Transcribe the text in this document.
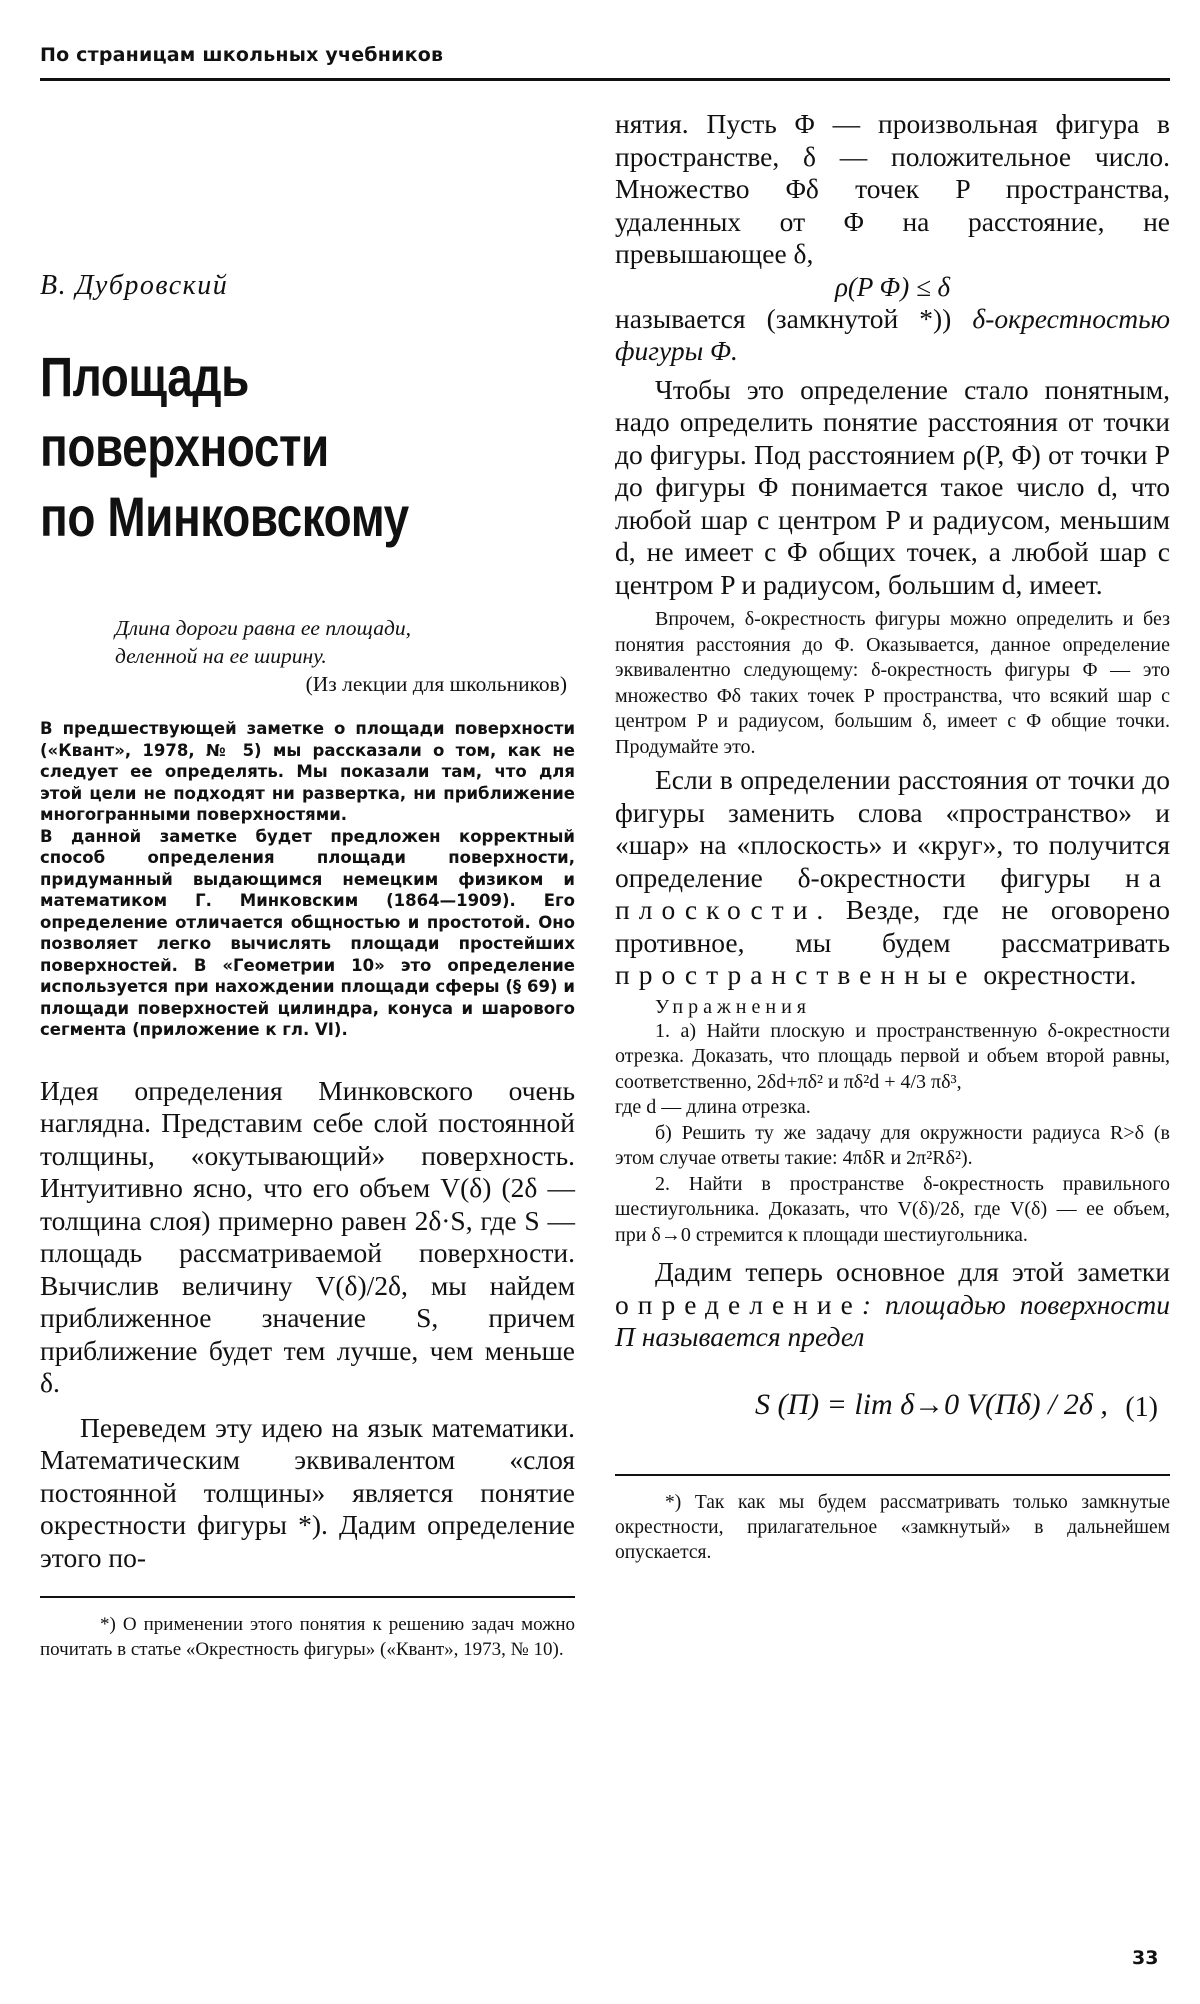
По страницам школьных учебников
В. Дубровский
Площадь
поверхности
по Минковскому
Длина дороги равна ее площади,
деленной на ее ширину.
(Из лекции для школьников)

В предшествующей заметке о площади поверхности («Квант», 1978, № 5) мы рассказали о том, как не следует ее определять. Мы показали там, что для этой цели не подходят ни развертка, ни приближение многогранными поверхностями.

В данной заметке будет предложен корректный способ определения площади поверхности, придуманный выдающимся немецким физиком и математиком Г. Минковским (1864—1909). Его определение отличается общностью и простотой. Оно позволяет легко вычислять площади простейших поверхностей. В «Геометрии 10» это определение используется при нахождении площади сферы (§ 69) и площади поверхностей цилиндра, конуса и шарового сегмента (приложение к гл. VI).

Идея определения Минковского очень наглядна. Представим себе слой постоянной толщины, «окутывающий» поверхность. Интуитивно ясно, что его объем V(δ) (2δ — толщина слоя) примерно равен 2δ·S, где S — площадь рассматриваемой поверхности. Вычислив величину V(δ)/2δ, мы найдем приближенное значение S, причем приближение будет тем лучше, чем меньше δ.

Переведем эту идею на язык математики. Математическим эквивалентом «слоя постоянной толщины» является понятие окрестности фигуры *). Дадим определение этого по-

*) О применении этого понятия к решению задач можно почитать в статье «Окрестность фигуры» («Квант», 1973, № 10).

нятия. Пусть Φ — произвольная фигура в пространстве, δ — положительное число. Множество Φδ точек P пространства, удаленных от Φ на расстояние, не превышающее δ,

ρ(P Φ) ≤ δ

называется (замкнутой *)) δ-окрестностью фигуры Φ.

Чтобы это определение стало понятным, надо определить понятие расстояния от точки до фигуры. Под расстоянием ρ(P, Φ) от точки P до фигуры Φ понимается такое число d, что любой шар с центром P и радиусом, меньшим d, не имеет с Φ общих точек, а любой шар с центром P и радиусом, большим d, имеет.

Впрочем, δ-окрестность фигуры можно определить и без понятия расстояния до Φ. Оказывается, данное определение эквивалентно следующему: δ-окрестность фигуры Φ — это множество Φδ таких точек P пространства, что всякий шар с центром P и радиусом, большим δ, имеет с Φ общие точки. Продумайте это.

Если в определении расстояния от точки до фигуры заменить слова «пространство» и «шар» на «плоскость» и «круг», то получится определение δ-окрестности фигуры на плоскости. Везде, где не оговорено противное, мы будем рассматривать пространственные окрестности.

Упражнения

1. а) Найти плоскую и пространственную δ-окрестности отрезка. Доказать, что площадь первой и объем второй равны, соответственно, 2δd+πδ² и πδ²d + 4/3 πδ³,

где d — длина отрезка.

б) Решить ту же задачу для окружности радиуса R>δ (в этом случае ответы такие: 4πδR и 2π²Rδ²).

2. Найти в пространстве δ-окрестность правильного шестиугольника. Доказать, что V(δ)/2δ, где V(δ) — ее объем, при δ→0 стремится к площади шестиугольника.

Дадим теперь основное для этой заметки определение: площадью поверхности Π называется предел

S (Π) = lim δ→0 V(Πδ) / 2δ , (1)
*) Так как мы будем рассматривать только замкнутые окрестности, прилагательное «замкнутый» в дальнейшем опускается.
33
